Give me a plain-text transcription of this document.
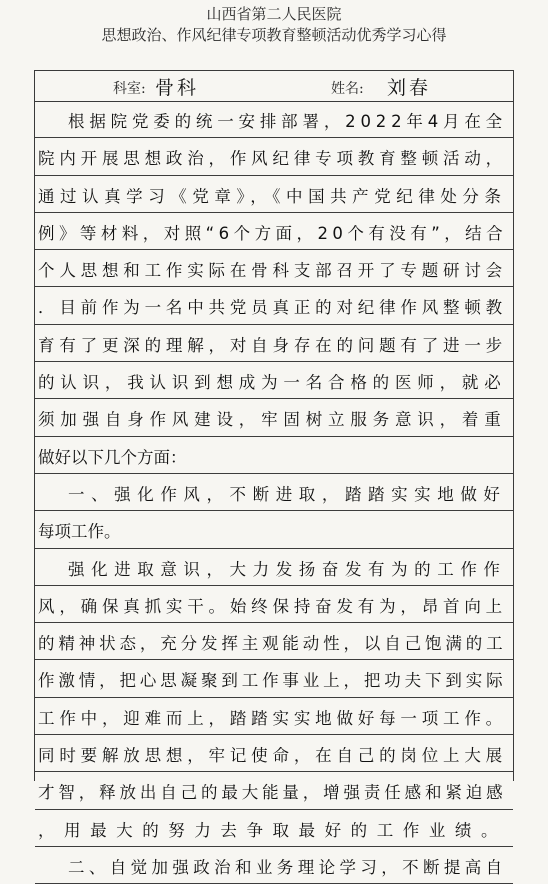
山西省第二人民医院
思想政治、作风纪律专项教育整顿活动优秀学习心得
科室: 骨科	姓名: 刘春
根据院党委的统一安排部署，2022年4月在全
院内开展思想政治，作风纪律专项教育整顿活动，
通过认真学习《党章》，《中国共产党纪律处分条
例》等材料，对照“6个方面，20个有没有”，结合
个人思想和工作实际在骨科支部召开了专题研讨会
．目前作为一名中共党员真正的对纪律作风整顿教
育有了更深的理解，对自身存在的问题有了进一步
的认识，我认识到想成为一名合格的医师，就必
须加强自身作风建设，牢固树立服务意识，着重
做好以下几个方面：
一、强化作风，不断进取，踏踏实实地做好
每项工作。
强化进取意识，大力发扬奋发有为的工作作
风，确保真抓实干。始终保持奋发有为，昂首向上
的精神状态，充分发挥主观能动性，以自己饱满的工
作激情，把心思凝聚到工作事业上，把功夫下到实际
工作中，迎难而上，踏踏实实地做好每一项工作。
同时要解放思想，牢记使命，在自己的岗位上大展
才智，释放出自己的最大能量，增强责任感和紧迫感
，用最大的努力去争取最好的工作业绩。
二、自觉加强政治和业务理论学习，不断提高自
